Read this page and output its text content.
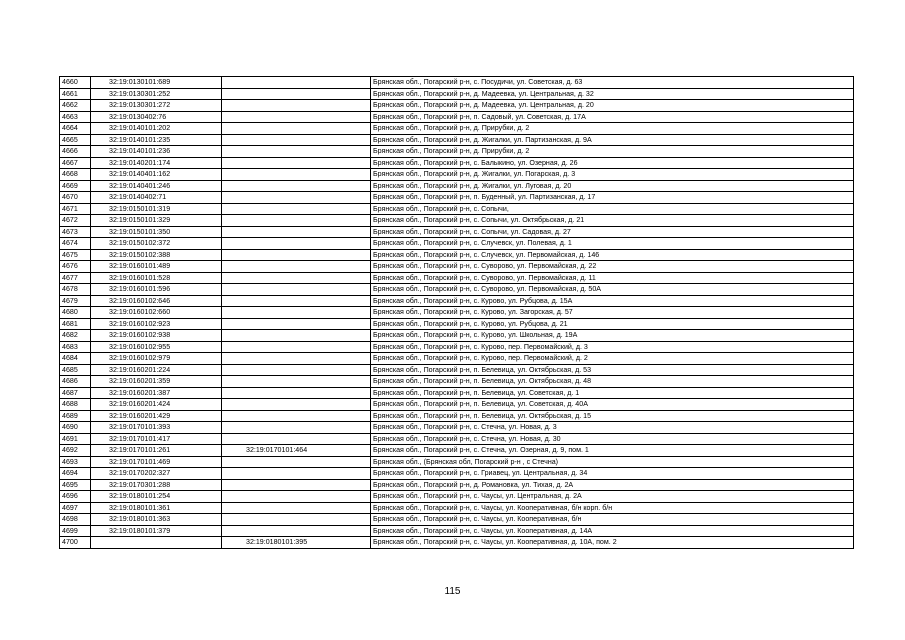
4660	32:19:0130101:689		Брянская обл., Погарский р-н, с. Посудичи, ул. Советская, д. 63
4661	32:19:0130301:252		Брянская обл., Погарский р-н, д. Мадеевка, ул. Центральная, д. 32
4662	32:19:0130301:272		Брянская обл., Погарский р-н, д. Мадеевка, ул. Центральная, д. 20
4663	32:19:0130402:76		Брянская обл., Погарский р-н, п. Садовый, ул. Советская, д. 17А
4664	32:19:0140101:202		Брянская обл., Погарский р-н, д. Прирубки, д. 2
4665	32:19:0140101:235		Брянская обл., Погарский р-н, д. Жигалки, ул. Партизанская, д. 9А
4666	32:19:0140101:236		Брянская обл., Погарский р-н, д. Прирубки, д. 2
4667	32:19:0140201:174		Брянская обл., Погарский р-н, с. Балыкино, ул. Озерная, д. 26
4668	32:19:0140401:162		Брянская обл., Погарский р-н, д. Жигалки, ул. Погарская, д. 3
4669	32:19:0140401:246		Брянская обл., Погарский р-н, д. Жигалки, ул. Луговая, д. 20
4670	32:19:0140402:71		Брянская обл., Погарский р-н, п. Буденный, ул. Партизанская, д. 17
4671	32:19:0150101:319		Брянская обл., Погарский р-н, с. Сопычи,
4672	32:19:0150101:329		Брянская обл., Погарский р-н, с. Сопычи, ул. Октябрьская, д. 21
4673	32:19:0150101:350		Брянская обл., Погарский р-н, с. Сопычи, ул. Садовая, д. 27
4674	32:19:0150102:372		Брянская обл., Погарский р-н, с. Случевск, ул. Полевая, д. 1
4675	32:19:0150102:388		Брянская обл., Погарский р-н, с. Случевск, ул. Первомайская, д. 146
4676	32:19:0160101:489		Брянская обл., Погарский р-н, с. Суворово, ул. Первомайская, д. 22
4677	32:19:0160101:528		Брянская обл., Погарский р-н, с. Суворово, ул. Первомайская, д. 11
4678	32:19:0160101:596		Брянская обл., Погарский р-н, с. Суворово, ул. Первомайская, д. 50А
4679	32:19:0160102:646		Брянская обл., Погарский р-н, с. Курово, ул. Рубцова, д. 15А
4680	32:19:0160102:660		Брянская обл., Погарский р-н, с. Курово, ул. Загорская, д. 57
4681	32:19:0160102:923		Брянская обл., Погарский р-н, с. Курово, ул. Рубцова, д. 21
4682	32:19:0160102:938		Брянская обл., Погарский р-н, с. Курово, ул. Школьная, д. 19А
4683	32:19:0160102:955		Брянская обл., Погарский р-н, с. Курово, пер. Первомайский, д. 3
4684	32:19:0160102:979		Брянская обл., Погарский р-н, с. Курово, пер. Первомайский, д. 2
4685	32:19:0160201:224		Брянская обл., Погарский р-н, п. Белевица, ул. Октябрьская, д. 53
4686	32:19:0160201:359		Брянская обл., Погарский р-н, п. Белевица, ул. Октябрьская, д. 48
4687	32:19:0160201:387		Брянская обл., Погарский р-н, п. Белевица, ул. Советская, д. 1
4688	32:19:0160201:424		Брянская обл., Погарский р-н, п. Белевица, ул. Советская, д. 40А
4689	32:19:0160201:429		Брянская обл., Погарский р-н, п. Белевица, ул. Октябрьская, д. 15
4690	32:19:0170101:393		Брянская обл., Погарский р-н, с. Стечна, ул. Новая, д. 3
4691	32:19:0170101:417		Брянская обл., Погарский р-н, с. Стечна, ул. Новая, д. 30
4692	32:19:0170101:261	32:19:0170101:464	Брянская обл., Погарский р-н, с. Стечна, ул. Озерная, д. 9, пом. 1
4693	32:19:0170101:469		Брянская обл., (Брянская обл, Погарский р-н , с Стечна)
4694	32:19:0170202:327		Брянская обл., Погарский р-н, с. Гриавец, ул. Центральная, д. 34
4695	32:19:0170301:288		Брянская обл., Погарский р-н, д. Романовка, ул. Тихая, д. 2А
4696	32:19:0180101:254		Брянская обл., Погарский р-н, с. Чаусы, ул. Центральная, д. 2А
4697	32:19:0180101:361		Брянская обл., Погарский р-н, с. Чаусы, ул. Кооперативная, б/н корп. б/н
4698	32:19:0180101:363		Брянская обл., Погарский р-н, с. Чаусы, ул. Кооперативная, б/н
4699	32:19:0180101:379		Брянская обл., Погарский р-н, с. Чаусы, ул. Кооперативная, д. 14А
4700		32:19:0180101:395	Брянская обл., Погарский р-н, с. Чаусы, ул. Кооперативная, д. 10А, пом. 2
115
